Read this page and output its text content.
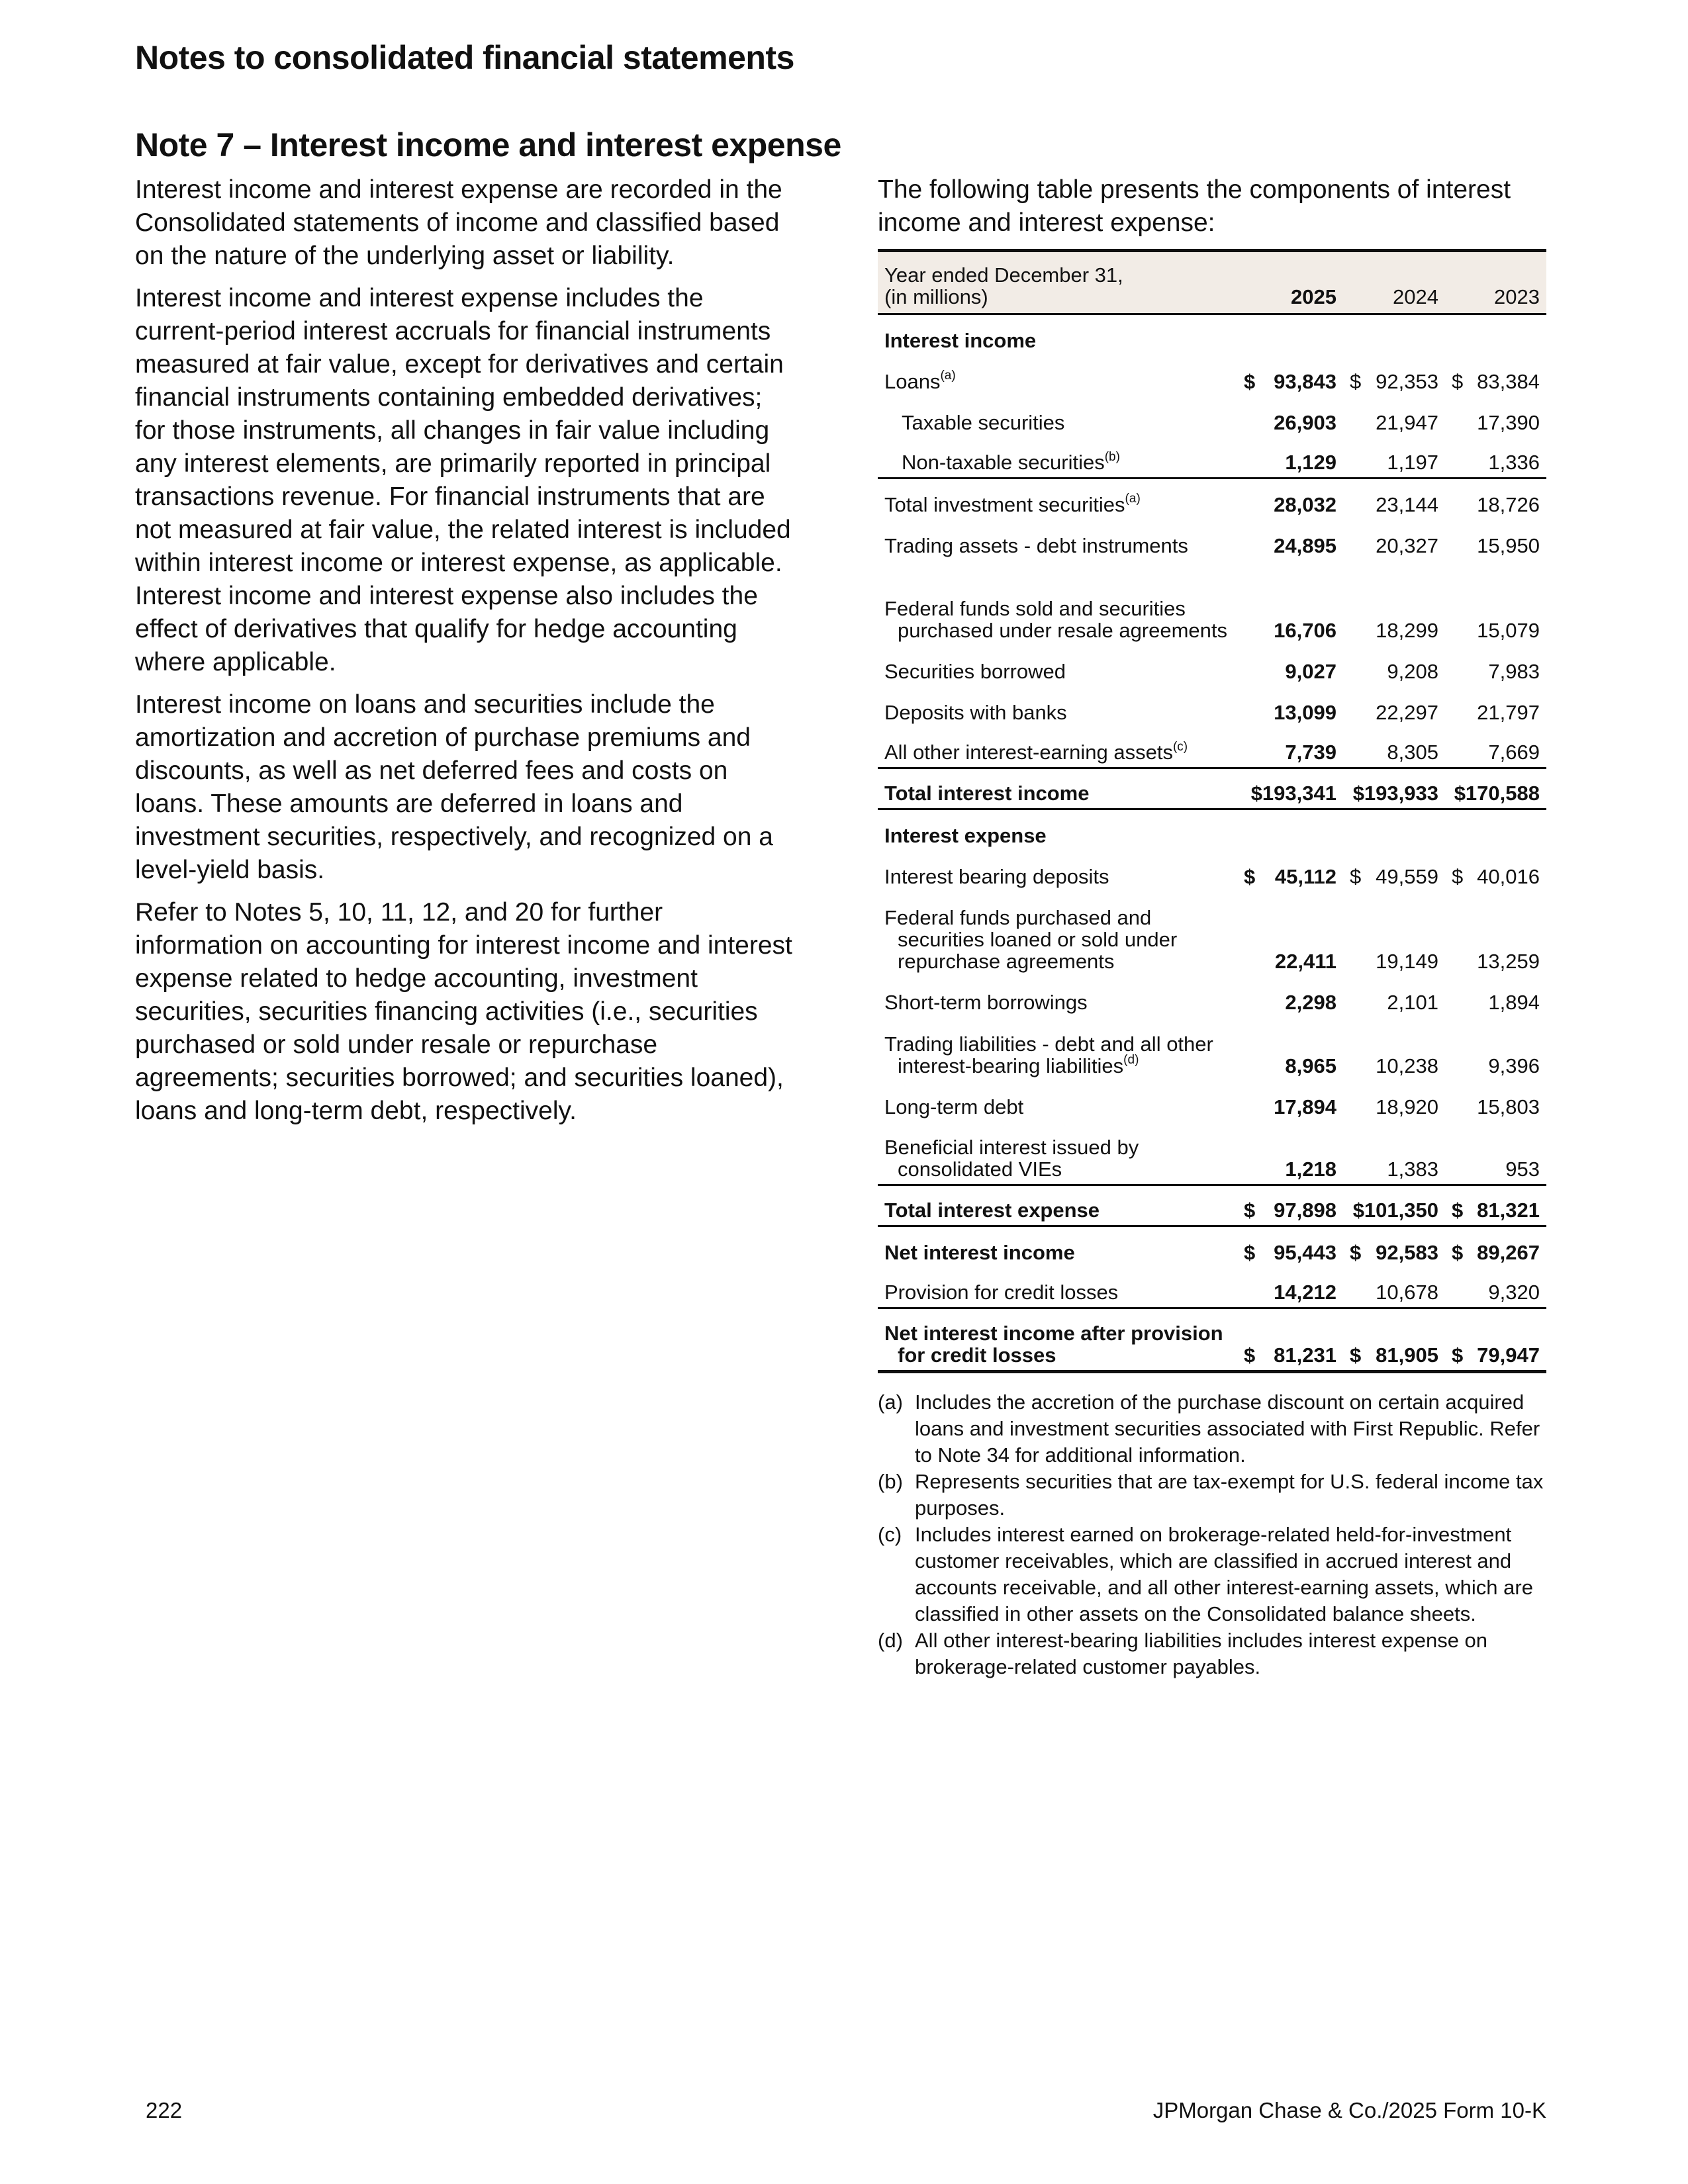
Notes to consolidated financial statements
Note 7 – Interest income and interest expense

Interest income and interest expense are recorded in the Consolidated statements of income and classified based on the nature of the underlying asset or liability.

Interest income and interest expense includes the current-period interest accruals for financial instruments measured at fair value, except for derivatives and certain financial instruments containing embedded derivatives; for those instruments, all changes in fair value including any interest elements, are primarily reported in principal transactions revenue. For financial instruments that are not measured at fair value, the related interest is included within interest income or interest expense, as applicable. Interest income and interest expense also includes the effect of derivatives that qualify for hedge accounting where applicable.

Interest income on loans and securities include the amortization and accretion of purchase premiums and discounts, as well as net deferred fees and costs on loans. These amounts are deferred in loans and investment securities, respectively, and recognized on a level-yield basis.

Refer to Notes 5, 10, 11, 12, and 20 for further information on accounting for interest income and interest expense related to hedge accounting, investment securities, securities financing activities (i.e., securities purchased or sold under resale or repurchase agreements; securities borrowed; and securities loaned), loans and long-term debt, respectively.

The following table presents the components of interest income and interest expense:

Year ended December 31,
(in millions)	2025	2024	2023
Interest income			
Loans$^{(a)}$	$ 93,843	$ 92,353	$ 83,384
Taxable securities	26,903	21,947	17,390
Non-taxable securities$^{(b)}$	1,129	1,197	1,336
Total investment securities$^{(a)}$	28,032	23,144	18,726
Trading assets - debt instruments	24,895	20,327	15,950

Federal funds sold and securities purchased under resale agreements	16,706	18,299	15,079
Securities borrowed	9,027	9,208	7,983
Deposits with banks	13,099	22,297	21,797
All other interest-earning assets$^{(c)}$	7,739	8,305	7,669
Total interest income	$193,341	$193,933	$170,588
Interest expense			
Interest bearing deposits	$ 45,112	$ 49,559	$ 40,016

Federal funds purchased and securities loaned or sold under repurchase agreements	22,411	19,149	13,259
Short-term borrowings	2,298	2,101	1,894

Trading liabilities - debt and all other interest-bearing liabilities$^{(d)}$	8,965	10,238	9,396
Long-term debt	17,894	18,920	15,803

Beneficial interest issued by consolidated VIEs	1,218	1,383	953
Total interest expense	$ 97,898	$101,350	$ 81,321
Net interest income	$ 95,443	$ 92,583	$ 89,267
Provision for credit losses	14,212	10,678	9,320

Net interest income after provision for credit losses	$ 81,231	$ 81,905	$ 79,947
(a) Includes the accretion of the purchase discount on certain acquired loans and investment securities associated with First Republic. Refer to Note 34 for additional information.
(b) Represents securities that are tax-exempt for U.S. federal income tax purposes.
(c) Includes interest earned on brokerage-related held-for-investment customer receivables, which are classified in accrued interest and accounts receivable, and all other interest-earning assets, which are classified in other assets on the Consolidated balance sheets.
(d) All other interest-bearing liabilities includes interest expense on brokerage-related customer payables.
222	JPMorgan Chase & Co./2025 Form 10-K
